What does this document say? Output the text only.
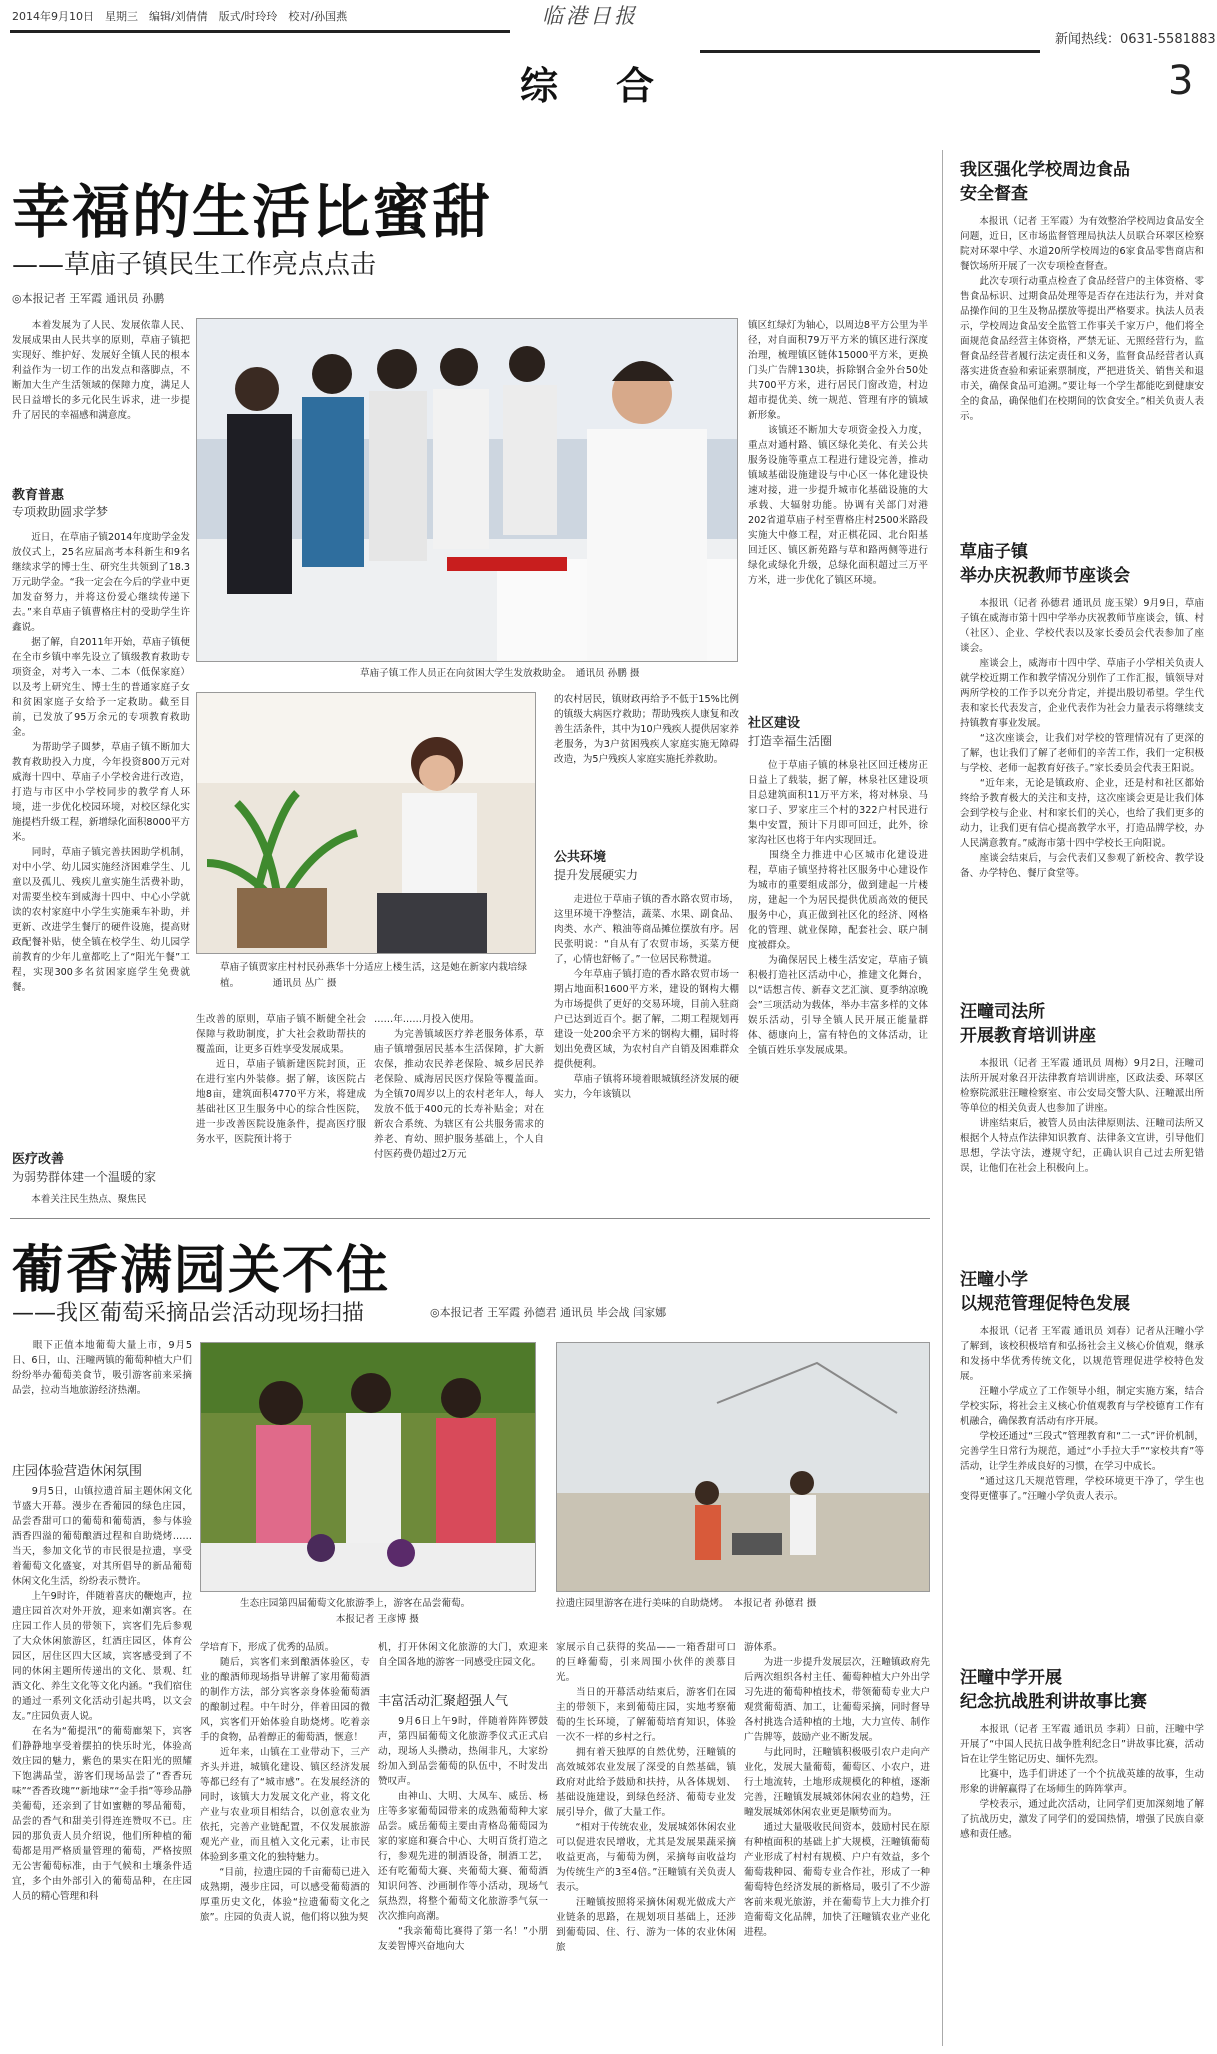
2014年9月10日　星期三　编辑/刘倩倩　版式/时玲玲　校对/孙国燕	临港日报
新闻热线：0631-5581883
综　合	3
幸福的生活比蜜甜
——草庙子镇民生工作亮点点击
◎本报记者 王军霞 通讯员 孙鹏
　　本着发展为了人民、发展依靠人民、发展成果由人民共享的原则，草庙子镇把实现好、维护好、发展好全镇人民的根本利益作为一切工作的出发点和落脚点，不断加大生产生活领域的保障力度，满足人民日益增长的多元化民生诉求，进一步提升了居民的幸福感和满意度。
教育普惠
专项救助圆求学梦
　　近日，在草庙子镇2014年度助学金发放仪式上，25名应届高考本科新生和9名继续求学的博士生、研究生共领到了18.3万元助学金。“我一定会在今后的学业中更加发奋努力，并将这份爱心继续传递下去。”来自草庙子镇曹格庄村的受助学生许鑫说。
　　据了解，自2011年开始，草庙子镇便在全市乡镇中率先设立了镇级教育救助专项资金，对考入一本、二本（低保家庭）以及考上研究生、博士生的普通家庭子女和贫困家庭子女给予一定救助。截至目前，已发放了95万余元的专项教育救助金。
　　为帮助学子圆梦，草庙子镇不断加大教育救助投入力度，今年投资800万元对威海十四中、草庙子小学校舍进行改造，打造与市区中小学校同步的教学育人环境，进一步优化校园环境，对校区绿化实施提档升级工程，新增绿化面积8000平方米。
　　同时，草庙子镇完善扶困助学机制，对中小学、幼儿园实施经济困难学生、儿童以及孤儿、残疾儿童实施生活费补助，对需要坐校车到威海十四中、中心小学就读的农村家庭中小学生实施乘车补助，并更新、改进学生餐厅的硬件设施，提高财政配餐补贴，使全镇在校学生、幼儿园学前教育的少年儿童都吃上了“阳光午餐”工程，实现300多名贫困家庭学生免费就餐。
医疗改善
为弱势群体建一个温暖的家
　　本着关注民生热点、聚焦民
草庙子镇工作人员正在向贫困大学生发放救助金。　通讯员 孙鹏 摄
草庙子镇贾家庄村村民孙燕华十分适应上楼生活，这是她在新家内栽培绿植。　　　　通讯员 丛广 摄
生改善的原则，草庙子镇不断健全社会保障与救助制度，扩大社会救助帮扶的覆盖面，让更多百姓享受发展成果。
　　近日，草庙子镇新建医院封顶，正在进行室内外装修。据了解，该医院占地8亩，建筑面积4770平方米，将建成基础社区卫生服务中心的综合性医院，进一步改善医院设施条件，提高医疗服务水平，医院预计将于
……年……月投入使用。
　　为完善镇域医疗养老服务体系，草庙子镇增强居民基本生活保障，扩大新农保，推动农民养老保险、城乡居民养老保险、威海居民医疗保险等覆盖面。为全镇70周岁以上的农村老年人，每人发放不低于400元的长寿补贴金；对在新农合系统、为辖区有公共服务需求的养老、育幼、照护服务基础上，个人自付医药费仍超过2万元
的农村居民，镇财政再给予不低于15%比例的镇级大病医疗救助；帮助残疾人康复和改善生活条件，其中为10户残疾人提供居家养老服务，为3户贫困残疾人家庭实施无障碍改造，为5户残疾人家庭实施托养救助。
公共环境
提升发展硬实力
　　走进位于草庙子镇的香水路农贸市场，这里环境干净整洁，蔬菜、水果、副食品、肉类、水产、粮油等商品摊位摆放有序。居民张明说：“自从有了农贸市场，买菜方便了，心情也舒畅了。”一位居民称赞道。
　　今年草庙子镇打造的香水路农贸市场一期占地面积1600平方米，建设的钢构大棚为市场提供了更好的交易环境，目前入驻商户已达到近百个。据了解，二期工程规划再建设一处200余平方米的钢构大棚，届时将划出免费区域，为农村自产自销及困难群众提供便利。
　　草庙子镇将环境着眼城镇经济发展的硬实力，今年该镇以
镇区红绿灯为轴心，以周边8平方公里为半径，对自面积79万平方米的镇区进行深度治理，梳理镇区链体15000平方米，更换门头广告牌130块，拆除钢合金外台50处共700平方米，进行居民门窗改造，村边超市提优美、统一规范、管理有序的镇域新形象。
　　该镇还不断加大专项资金投入力度，重点对通村路、镇区绿化美化、有关公共服务设施等重点工程进行建设完善，推动镇域基础设施建设与中心区一体化建设快速对接，进一步提升城市化基础设施的大承载、大辐射功能。协调有关部门对港202省道草庙子村至曹格庄村2500米路段实施大中修工程，对正棋花园、北台阳基回迁区、镇区新苑路与草和路两侧等进行绿化或绿化升级，总绿化面积超过三万平方米，进一步优化了镇区环境。
社区建设
打造幸福生活圈
　　位于草庙子镇的林泉社区回迁楼房正日益上了载装，据了解，林泉社区建设项目总建筑面积11万平方米，将对林泉、马家口子、罗家庄三个村的322户村民进行集中安置，预计下月即可回迁，此外，徐家沟社区也将于年内实现回迁。
　　围绕全力推进中心区城市化建设进程，草庙子镇坚持将社区服务中心建设作为城市的重要组成部分，做到建起一片楼房，建起一个为居民提供优质高效的便民服务中心，真正做到社区化的经济、网格化的管理、就业保障，配套社会、联户制度被群众。
　　为确保居民上楼生活安定，草庙子镇积极打造社区活动中心，推建文化舞台，以“话想言传、新春文艺汇演、夏季纳凉晚会”三项活动为载体，举办丰富多样的文体娱乐活动，引导全镇人民开展正能量群体、德康向上，富有特色的文体活动，让全镇百姓乐享发展成果。
葡香满园关不住
——我区葡萄采摘品尝活动现场扫描	◎本报记者 王军霞 孙德君 通讯员 毕会战 闫家娜
　　眼下正值本地葡萄大量上市，9月5日、6日，山、汪疃两镇的葡萄种植大户们纷纷举办葡萄美食节，吸引游客前来采摘品尝，拉动当地旅游经济热潮。
庄园体验营造休闲氛围
　　9月5日，山镇拉遗首届主题休闲文化节盛大开幕。漫步在香葡园的绿色庄园，品尝香甜可口的葡萄和葡萄酒，参与体验酒香四溢的葡萄酿酒过程和自助烧烤……当天，参加文化节的市民很是拉遗，享受着葡萄文化盛宴，对其所倡导的新品葡萄休闲文化生活，纷纷表示赞许。
　　上午9时许，伴随着喜庆的鞭炮声，拉遗庄园首次对外开放，迎来如潮宾客。在庄园工作人员的带领下，宾客们先后参观了大众休闲旅游区，红酒庄园区，体育公园区，居住区四大区域，宾客感受到了不同的休闲主题所传递出的文化、景观、红酒文化、养生文化等文化内涵。“我们宿住的通过一系列文化活动引起共鸣，以文会友。”庄园负责人说。
　　在名为“葡提汛”的葡萄廊架下，宾客们静静地享受着摆拍的快乐时光，体验高效庄园的魅力，紫色的果实在阳光的照耀下饱满晶莹，游客们现场品尝了“香香玩味”“香香玫瑰”“新地球”“金手指”等珍品静美葡萄，还亲到了甘如蜜糖的琴品葡萄，品尝的香气和甜美引得连连赞叹不已。庄园的那负责人员介绍说，他们所种植的葡萄都是用严格质量管理的葡萄，严格按照无公害葡萄标准，由于气候和土壤条件适宜，多个由外部引入的葡萄品种，在庄园人员的精心管理和科
生态庄园第四届葡萄文化旅游季上，游客在品尝葡萄。
　　　　　　　　　　本报记者 王彦博 摄
拉遗庄园里游客在进行美味的自助烧烤。　本报记者 孙德君 摄
学培育下，形成了优秀的品质。
　　随后，宾客们来到酿酒体验区，专业的酿酒师现场指导讲解了家用葡萄酒的制作方法，部分宾客亲身体验葡萄酒的酿制过程。中午时分，伴着田园的微风，宾客们开始体验自助烧烤。吃着亲手的食物，品着醇正的葡萄酒，惬意！
　　近年来，山镇在工业带动下，三产齐头并进，城镇化建设、镇区经济发展等都已经有了“城市感”。在发展经济的同时，该镇大力发展文化产业，将文化产业与农业项目相结合，以创意农业为依托，完善产业链配置，不仅发展旅游观光产业，而且植入文化元素，让市民体验到多重文化的独特魅力。
　　“目前，拉遗庄园的千亩葡萄已进入成熟期，漫步庄园，可以感受葡萄酒的厚重历史文化，体验“拉遗葡萄文化之旅”。庄园的负责人说，他们将以独为契
机，打开休闲文化旅游的大门，欢迎来自全国各地的游客一同感受庄园文化。
丰富活动汇聚超强人气
　　9月6日上午9时，伴随着阵阵锣鼓声，第四届葡萄文化旅游季仪式正式启动，现场人头攒动，热闹非凡，大家纷纷加入到品尝葡萄的队伍中，不时发出赞叹声。
　　由神山、大明、大凤车、威岳、杨庄等多家葡萄园带来的成熟葡萄种大家品尝。威岳葡萄主要由青格岛葡萄园为家的家庭和赛合中心、大明百货打造之行，参观先进的制酒设备，制酒工艺，还有吃葡萄大赛、夹葡萄大赛、葡萄酒知识问答、沙画制作等小活动，现场气氛热烈，将整个葡萄文化旅游季气氛一次次推向高潮。
　　“我亲葡萄比赛得了第一名！”小朋友姜智博兴奋地向大
家展示自己获得的奖品——一箱香甜可口的巨峰葡萄，引来周围小伙伴的羡慕目光。
　　当日的开幕活动结束后，游客们在园主的带领下，来到葡萄庄园，实地考察葡萄的生长环境，了解葡萄培育知识，体验一次不一样的乡村之行。
　　拥有着天独厚的自然优势，汪疃镇的高效城郊农业发展了深受的自然基础，镇政府对此给予鼓励和扶持，从各体规划、基础设施建设，到绿色经济、葡萄专业发展引导介，做了大量工作。
　　“相对于传统农业，发展城郊休闲农业可以促进农民增收，尤其是发展果蔬采摘收益更高，与葡萄为例，采摘每亩收益均为传统生产的3至4倍。”汪疃镇有关负责人表示。
　　汪疃镇按照将采摘休闲观光做成大产业链条的思路，在规划项目基础上，还涉到葡萄园、住、行、游为一体的农业休闲旅
游体系。
　　为进一步提升发展层次，汪疃镇政府先后两次组织各村主任、葡萄种植大户外出学习先进的葡萄种植技术，带领葡萄专业大户观赏葡萄酒、加工，让葡萄采摘，同时督导各村挑选合适种植的土地，大力宣传、制作广告牌等，鼓励产业不断发展。
　　与此同时，汪疃镇积极吸引农户走向产业化，发展大量葡萄，葡萄区、小农户，进行土地流转，土地形成规模化的种植，逐渐完善，汪疃镇发展城郊休闲农业的趋势，汪疃发展城郊休闲农业更是顺势而为。
　　通过大量吸收民间资本，鼓励村民在原有种植面积的基础上扩大规模，汪疃镇葡萄产业形成了村村有规模、户户有效益，多个葡萄栽种园、葡萄专业合作社，形成了一种葡萄特色经济发展的新格局，吸引了不少游客前来观光旅游，并在葡萄节上大力推介打造葡萄文化品牌，加快了汪疃镇农业产业化进程。
我区强化学校周边食品
安全督查
　　本报讯（记者 王军霞）为有效整治学校周边食品安全问题，近日，区市场监督管理局执法人员联合环翠区检察院对环翠中学、水道20所学校周边的6家食品零售商店和餐饮场所开展了一次专项检查督查。
　　此次专项行动重点检查了食品经营户的主体资格、零售食品标识、过期食品处理等是否存在违法行为，并对食品操作间的卫生及物品摆放等提出严格要求。执法人员表示，学校周边食品安全监管工作事关千家万户，他们将全面规范食品经营主体资格，严禁无证、无照经营行为，监督食品经营者履行法定责任和义务，监督食品经营者认真落实进货查验和索证索票制度，严把进货关、销售关和退市关，确保食品可追溯。”要让每一个学生都能吃到健康安全的食品，确保他们在校期间的饮食安全。”相关负责人表示。
草庙子镇
举办庆祝教师节座谈会
　　本报讯（记者 孙德君 通讯员 庞玉梁）9月9日，草庙子镇在威海市第十四中学举办庆祝教师节座谈会，镇、村（社区）、企业、学校代表以及家长委员会代表参加了座谈会。
　　座谈会上，威海市十四中学、草庙子小学相关负责人就学校近期工作和教学情况分别作了工作汇报，镇领导对两所学校的工作予以充分肯定，并提出殷切希望。学生代表和家长代表发言，企业代表作为社会力量表示将继续支持镇教育事业发展。
　　“这次座谈会，让我们对学校的管理情况有了更深的了解，也让我们了解了老师们的辛苦工作，我们一定积极与学校、老师一起教育好孩子。”家长委员会代表王阳说。
　　“近年来，无论是镇政府、企业，还是村和社区都始终给予教育极大的关注和支持，这次座谈会更是让我们体会到学校与企业、村和家长们的关心，也给了我们更多的动力，让我们更有信心提高教学水平，打造品牌学校，办人民满意教育。”威海市第十四中学校长王向阳说。
　　座谈会结束后，与会代表们又参观了新校舍、教学设备、办学特色、餐厅食堂等。
汪疃司法所
开展教育培训讲座
　　本报讯（记者 王军霞 通讯员 周梅）9月2日，汪疃司法所开展对象召开法律教育培训讲座，区政法委、环翠区检察院派驻汪疃检察室、市公安局交警大队、汪疃派出所等单位的相关负责人也参加了讲座。
　　讲座结束后，被管人员由法律原则法、汪疃司法所又根据个人特点作法律知识教育、法律条文宣讲，引导他们思想，学法守法，遵规守纪，正确认识自己过去所犯错误，让他们在社会上积极向上。
汪疃小学
以规范管理促特色发展
　　本报讯（记者 王军霞 通讯员 刘春）记者从汪疃小学了解到，该校积极培育和弘扬社会主义核心价值观，继承和发扬中华优秀传统文化，以规范管理促进学校特色发展。
　　汪疃小学成立了工作领导小组，制定实施方案，结合学校实际，将社会主义核心价值观教育与学校德育工作有机融合，确保教育活动有序开展。
　　学校还通过“三段式”管理教育和“二一式”评价机制，完善学生日常行为规范，通过“小手拉大手”“家校共育”等活动，让学生养成良好的习惯，在学习中成长。
　　“通过这几天规范管理，学校环境更干净了，学生也变得更懂事了。”汪疃小学负责人表示。
汪疃中学开展
纪念抗战胜利讲故事比赛
　　本报讯（记者 王军霞 通讯员 李莉）日前，汪疃中学开展了“中国人民抗日战争胜利纪念日”讲故事比赛，活动旨在让学生铭记历史、缅怀先烈。
　　比赛中，选手们讲述了一个个抗战英雄的故事，生动形象的讲解赢得了在场师生的阵阵掌声。
　　学校表示，通过此次活动，让同学们更加深刻地了解了抗战历史，激发了同学们的爱国热情，增强了民族自豪感和责任感。
